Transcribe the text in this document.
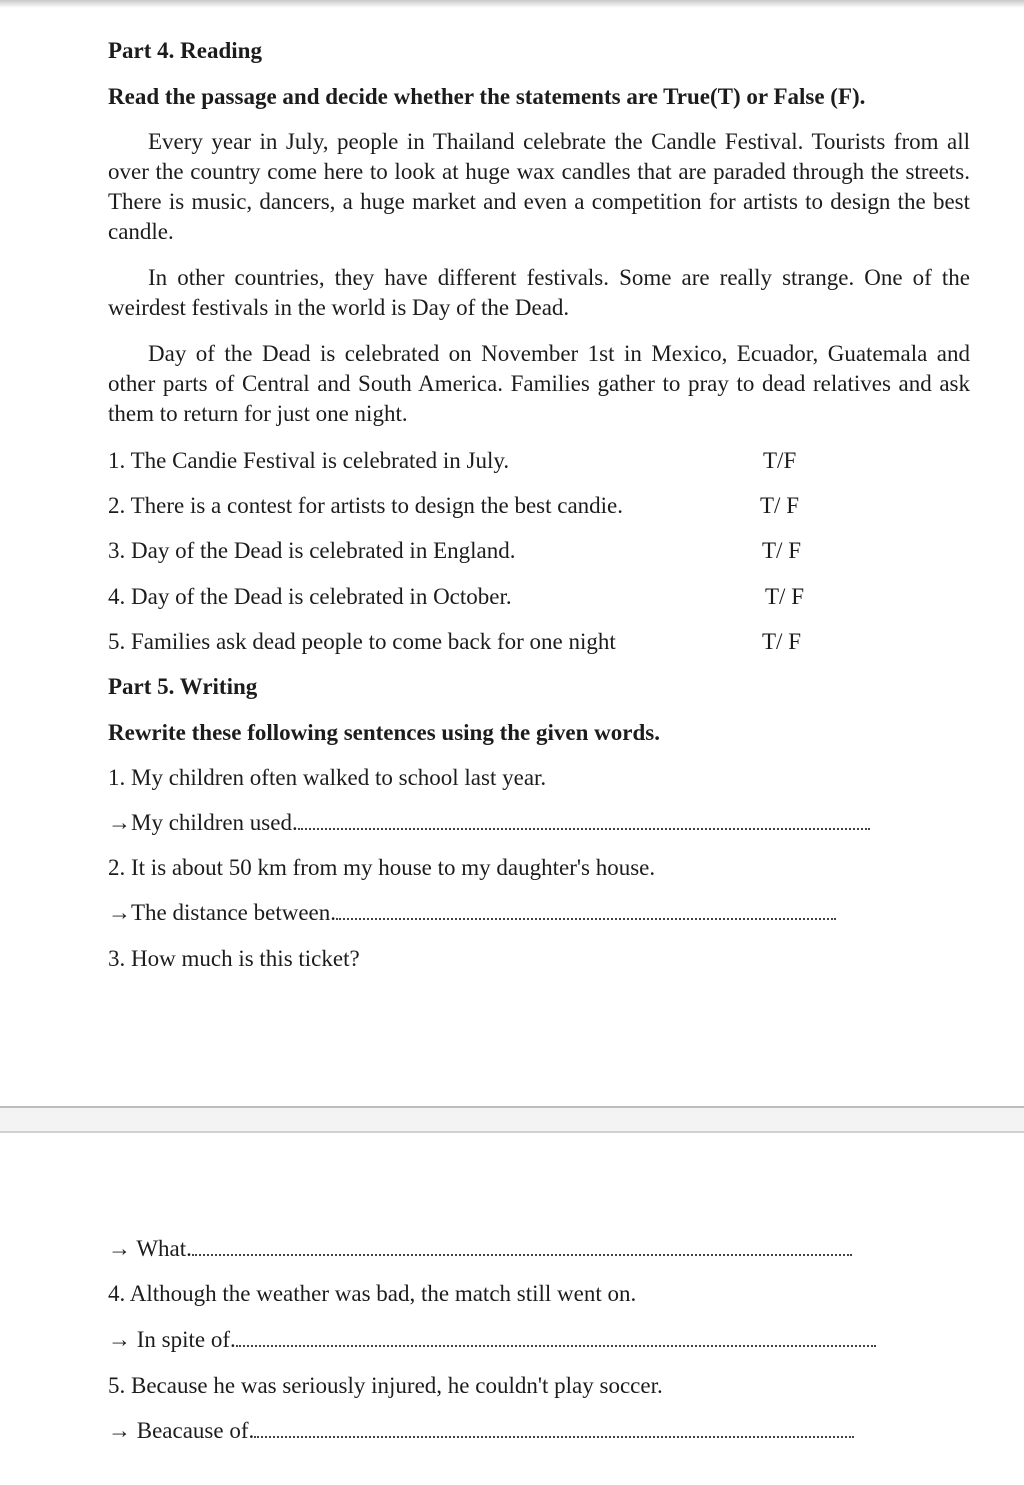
Part 4. Reading
Read the passage and decide whether the statements are True(T) or False (F).

Every year in July, people in Thailand celebrate the Candle Festival. Tourists from all over the country come here to look at huge wax candles that are paraded through the streets. There is music, dancers, a huge market and even a competition for artists to design the best candle.

In other countries, they have different festivals. Some are really strange. One of the weirdest festivals in the world is Day of the Dead.

Day of the Dead is celebrated on November 1st in Mexico, Ecuador, Guatemala and other parts of Central and South America. Families gather to pray to dead relatives and ask them to return for just one night.

1. The Candie Festival is celebrated in July.	T/F
2. There is a contest for artists to design the best candie.	T/ F
3. Day of the Dead is celebrated in England.	T/ F
4. Day of the Dead is celebrated in October.	T/ F
5. Families ask dead people to come back for one night	T/ F
Part 5. Writing
Rewrite these following sentences using the given words.
1. My children often walked to school last year.
→My children used.
2. It is about 50 km from my house to my daughter's house.
→The distance between.
3. How much is this ticket?
→ What.
4. Although the weather was bad, the match still went on.
→ In spite of.
5. Because he was seriously injured, he couldn't play soccer.
→ Beacause of.
